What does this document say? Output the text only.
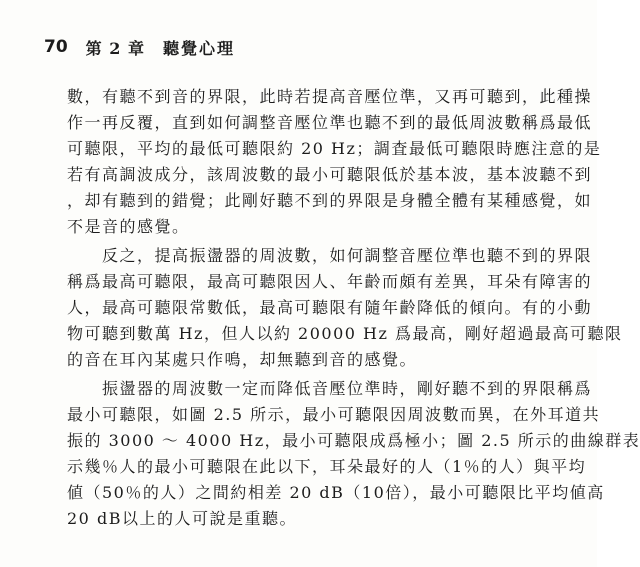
70 第 2 章 聽覺心理
數，有聽不到音的界限，此時若提高音壓位準，又再可聽到，此種操
作一再反覆，直到如何調整音壓位準也聽不到的最低周波數稱爲最低
可聽限，平均的最低可聽限約 20 Hz；調査最低可聽限時應注意的是
若有高調波成分，該周波數的最小可聽限低於基本波，基本波聽不到
，却有聽到的錯覺；此剛好聽不到的界限是身體全體有某種感覺，如
不是音的感覺。
反之，提高振盪器的周波數，如何調整音壓位準也聽不到的界限
稱爲最高可聽限，最高可聽限因人、年齡而頗有差異，耳朵有障害的
人，最高可聽限常數低，最高可聽限有隨年齡降低的傾向。有的小動
物可聽到數萬 Hz，但人以約 20000 Hz 爲最高，剛好超過最高可聽限
的音在耳內某處只作鳴，却無聽到音的感覺。
振盪器的周波數一定而降低音壓位準時，剛好聽不到的界限稱爲
最小可聽限，如圖 2.5 所示，最小可聽限因周波數而異，在外耳道共
振的 3000 ～ 4000 Hz，最小可聽限成爲極小；圖 2.5 所示的曲線群表
示幾％人的最小可聽限在此以下，耳朵最好的人（1％的人）與平均
値（50％的人）之間約相差 20 dB（10倍），最小可聽限比平均値高
20 dB以上的人可說是重聽。
